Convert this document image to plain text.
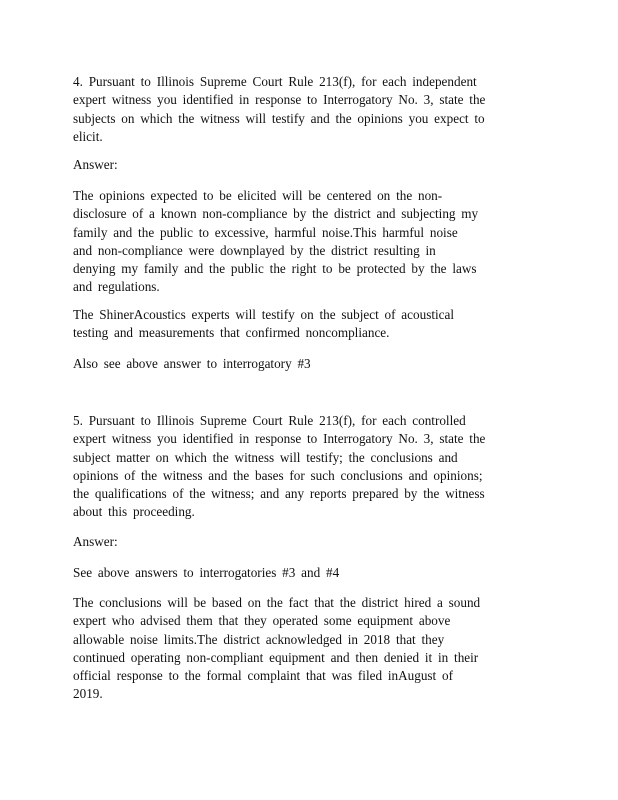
4. Pursuant to Illinois Supreme Court Rule 213(f), for each independent
expert witness you identified in response to Interrogatory No. 3, state the
subjects on which the witness will testify and the opinions you expect to
elicit.

Answer:

The opinions expected to be elicited will be centered on the non-
disclosure of a known non-compliance by the district and subjecting my
family and the public to excessive, harmful noise.This harmful noise
and non-compliance were downplayed by the district resulting in
denying my family and the public the right to be protected by the laws
and regulations.

The ShinerAcoustics experts will testify on the subject of acoustical
testing and measurements that confirmed noncompliance.

Also see above answer to interrogatory #3

5. Pursuant to Illinois Supreme Court Rule 213(f), for each controlled
expert witness you identified in response to Interrogatory No. 3, state the
subject matter on which the witness will testify; the conclusions and
opinions of the witness and the bases for such conclusions and opinions;
the qualifications of the witness; and any reports prepared by the witness
about this proceeding.

Answer:

See above answers to interrogatories #3 and #4

The conclusions will be based on the fact that the district hired a sound
expert who advised them that they operated some equipment above
allowable noise limits.The district acknowledged in 2018 that they
continued operating non-compliant equipment and then denied it in their
official response to the formal complaint that was filed inAugust of
2019.
